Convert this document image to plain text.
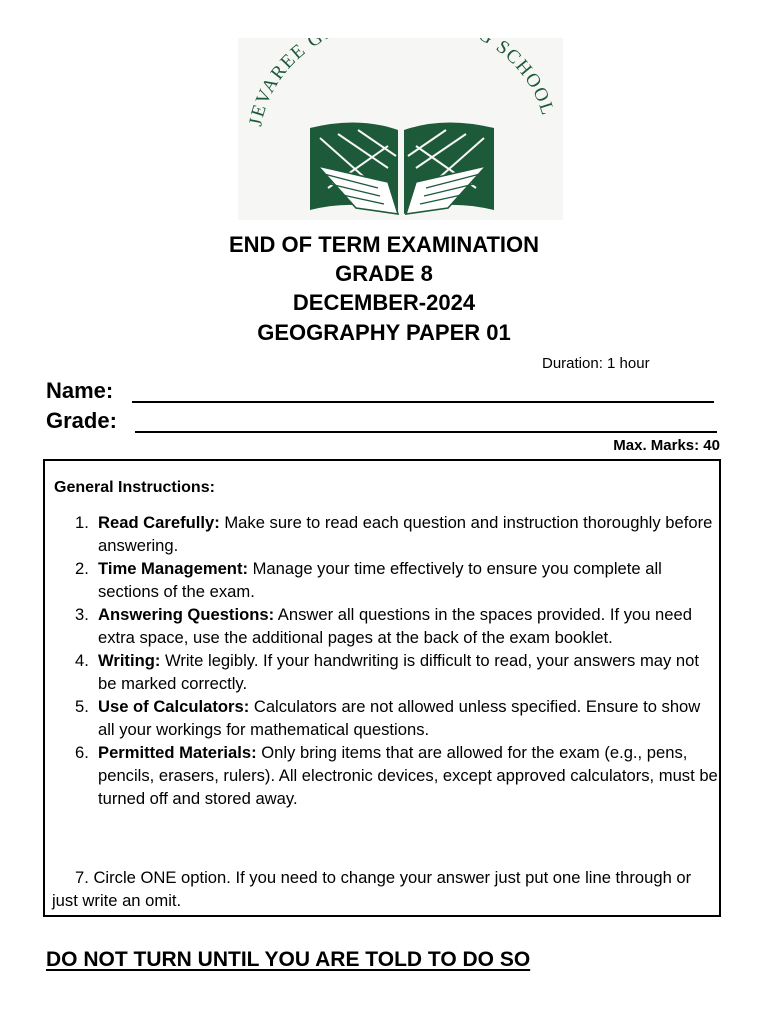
JEVAREE G SCHOOL
END OF TERM EXAMINATION
GRADE 8
DECEMBER-2024
GEOGRAPHY PAPER 01
Duration: 1 hour
Name:
Grade:
Max. Marks: 40
General Instructions:
1. Read Carefully: Make sure to read each question and instruction thoroughly before answering.
2. Time Management: Manage your time effectively to ensure you complete all sections of the exam.
3. Answering Questions: Answer all questions in the spaces provided. If you need extra space, use the additional pages at the back of the exam booklet.
4. Writing: Write legibly. If your handwriting is difficult to read, your answers may not be marked correctly.
5. Use of Calculators: Calculators are not allowed unless specified. Ensure to show all your workings for mathematical questions.
6. Permitted Materials: Only bring items that are allowed for the exam (e.g., pens, pencils, erasers, rulers). All electronic devices, except approved calculators, must be turned off and stored away.
7. Circle ONE option. If you need to change your answer just put one line through or just write an omit.
DO NOT TURN UNTIL YOU ARE TOLD TO DO SO
